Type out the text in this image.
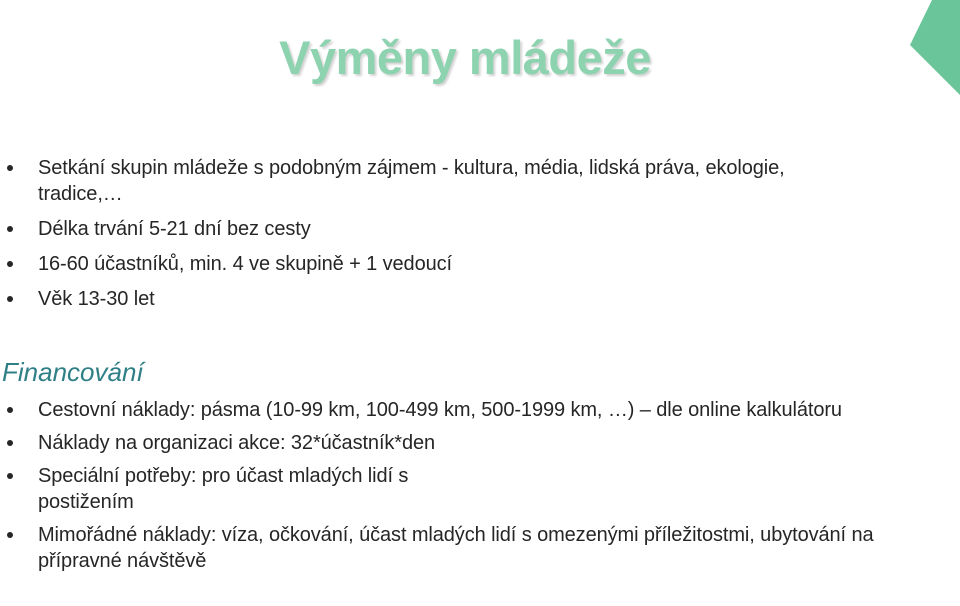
Výměny mládeže
Setkání skupin mládeže s podobným zájmem - kultura, média, lidská práva, ekologie, tradice,…
Délka trvání 5-21 dní bez cesty
16-60 účastníků, min. 4 ve skupině + 1 vedoucí
Věk 13-30 let
Financování
Cestovní náklady: pásma (10-99 km, 100-499 km, 500-1999 km, …) – dle online kalkulátoru
Náklady na organizaci akce: 32*účastník*den
Speciální potřeby: pro účast mladých lidí s postižením
Mimořádné náklady: víza, očkování, účast mladých lidí s omezenými příležitostmi, ubytování na přípravné návštěvě
